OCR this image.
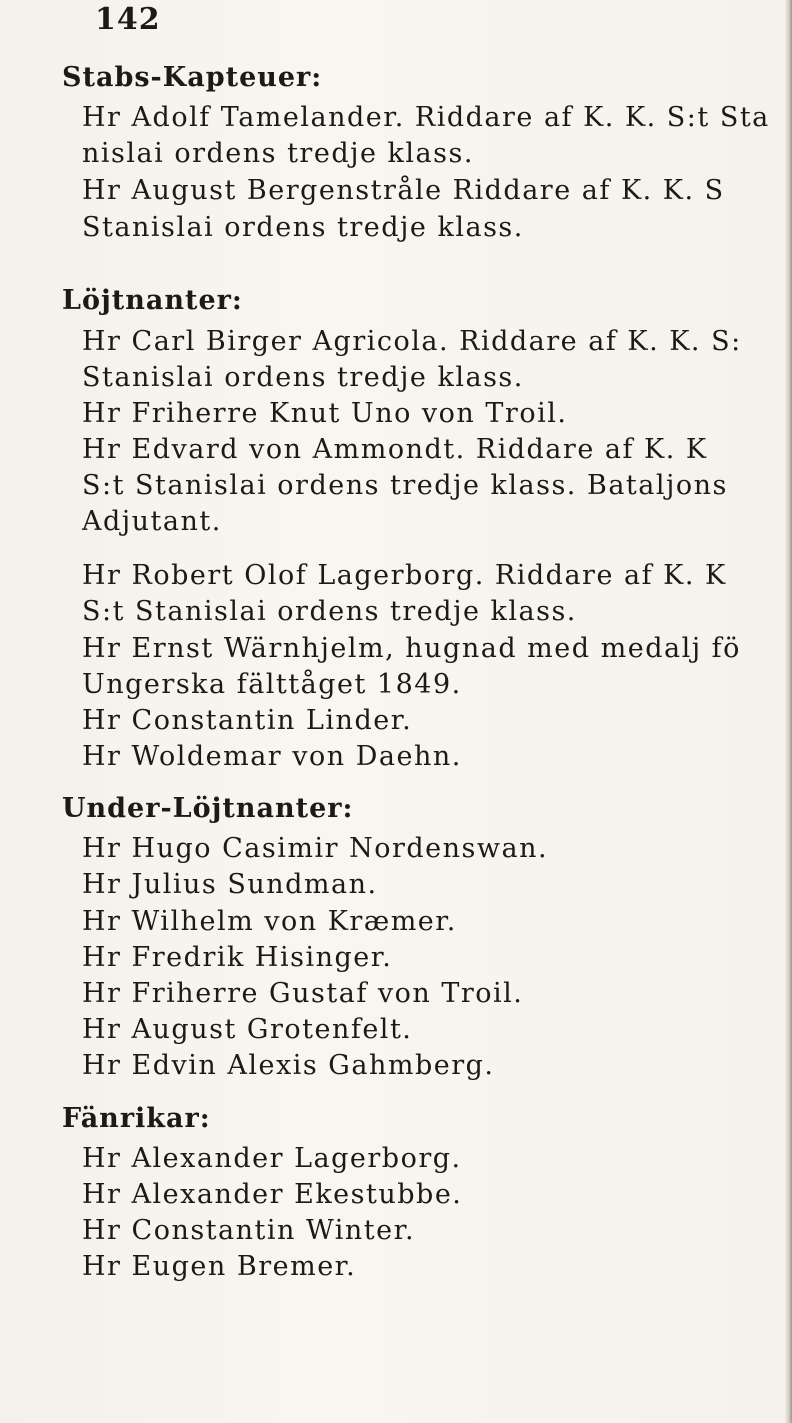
142
Stabs-Kapteuer:
Hr Adolf Tamelander. Riddare af K. K. S:t Sta
nislai ordens tredje klass.
Hr August Bergenstråle Riddare af K. K. S
Stanislai ordens tredje klass.
Löjtnanter:
Hr Carl Birger Agricola. Riddare af K. K. S:
Stanislai ordens tredje klass.
Hr Friherre Knut Uno von Troil.
Hr Edvard von Ammondt. Riddare af K. K
S:t Stanislai ordens tredje klass. Bataljons
Adjutant.
Hr Robert Olof Lagerborg. Riddare af K. K
S:t Stanislai ordens tredje klass.
Hr Ernst Wärnhjelm, hugnad med medalj fö
Ungerska fälttåget 1849.
Hr Constantin Linder.
Hr Woldemar von Daehn.
Under-Löjtnanter:
Hr Hugo Casimir Nordenswan.
Hr Julius Sundman.
Hr Wilhelm von Kræmer.
Hr Fredrik Hisinger.
Hr Friherre Gustaf von Troil.
Hr August Grotenfelt.
Hr Edvin Alexis Gahmberg.
Fänrikar:
Hr Alexander Lagerborg.
Hr Alexander Ekestubbe.
Hr Constantin Winter.
Hr Eugen Bremer.
